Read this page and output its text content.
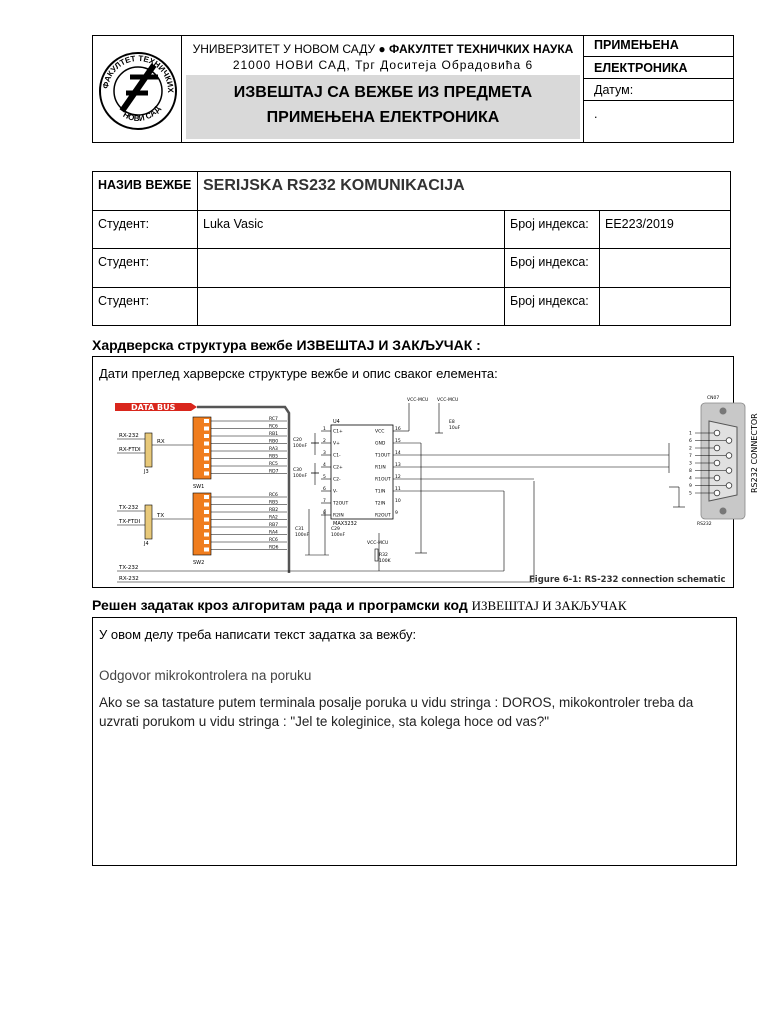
ФАКУЛТЕТ ТЕХНИЧКИХ
НОВИ САД
УНИВЕРЗИТЕТ У НОВОМ САДУ ● ФАКУЛТЕТ ТЕХНИЧКИХ НАУКА
21000 НОВИ САД, Трг Доситеја Обрадовића 6
ИЗВЕШТАЈ СА ВЕЖБЕ ИЗ ПРЕДМЕТА
ПРИМЕЊЕНА ЕЛЕКТРОНИКА
ПРИМЕЊЕНА
ЕЛЕКТРОНИКА
Датум:
.
НАЗИВ ВЕЖБЕ	SERIJSKA RS232 KOMUNIKACIJA		
Студент:	Luka Vasic	Број индекса:	EE223/2019
Студент:		Број индекса:	
Студент:		Број индекса:	
Хардверска структура вежбе ИЗВЕШТАЈ И ЗАКЉУЧАК :
Дати преглед харверске структуре вежбе и опис сваког елемента:
DATA BUS
RX-232
RX-FTDI
J3
RX
SW1
RC7
RC6
RB1
RB0
RA3
RB5
RC5
RD7
TX-232
TX-FTDI
J4
TX
SW2
RC6
RB5
RB2
RA2
RB7
RA4
RC6
RD6
TX-232
RX-232
U4
MAX3232
1 C1+	VCC 16
2 V+	GND 15
3 C1-	T1OUT 14
4 C2+	R1IN 13
5 C2-	R1OUT 12
6 V-	T1IN 11
7 T2OUT	T2IN 10
8 R2IN	R2OUT 9
C20
100nF
C30
100nF
C31
100nF
C29
100nF
VCC-MCU VCC-MCU
E8
10uF
VCC-MCU
R32
100K
CN07
1
6
2
7
3
8
4
9
5
RS232
RS232 CONNECTOR
Figure 6-1: RS-232 connection schematic
Решен задатак кроз алгоритам рада и програмски код ИЗВЕШТАЈ И ЗАКЉУЧАК
У овом делу треба написати текст задатка за вежбу:
Odgovor mikrokontrolera na poruku
Ako se sa tastature putem terminala posalje poruka u vidu stringa : DOROS, mikokontroler treba da uzvrati porukom u vidu stringa : "Jel te koleginice, sta kolega hoce od vas?"
